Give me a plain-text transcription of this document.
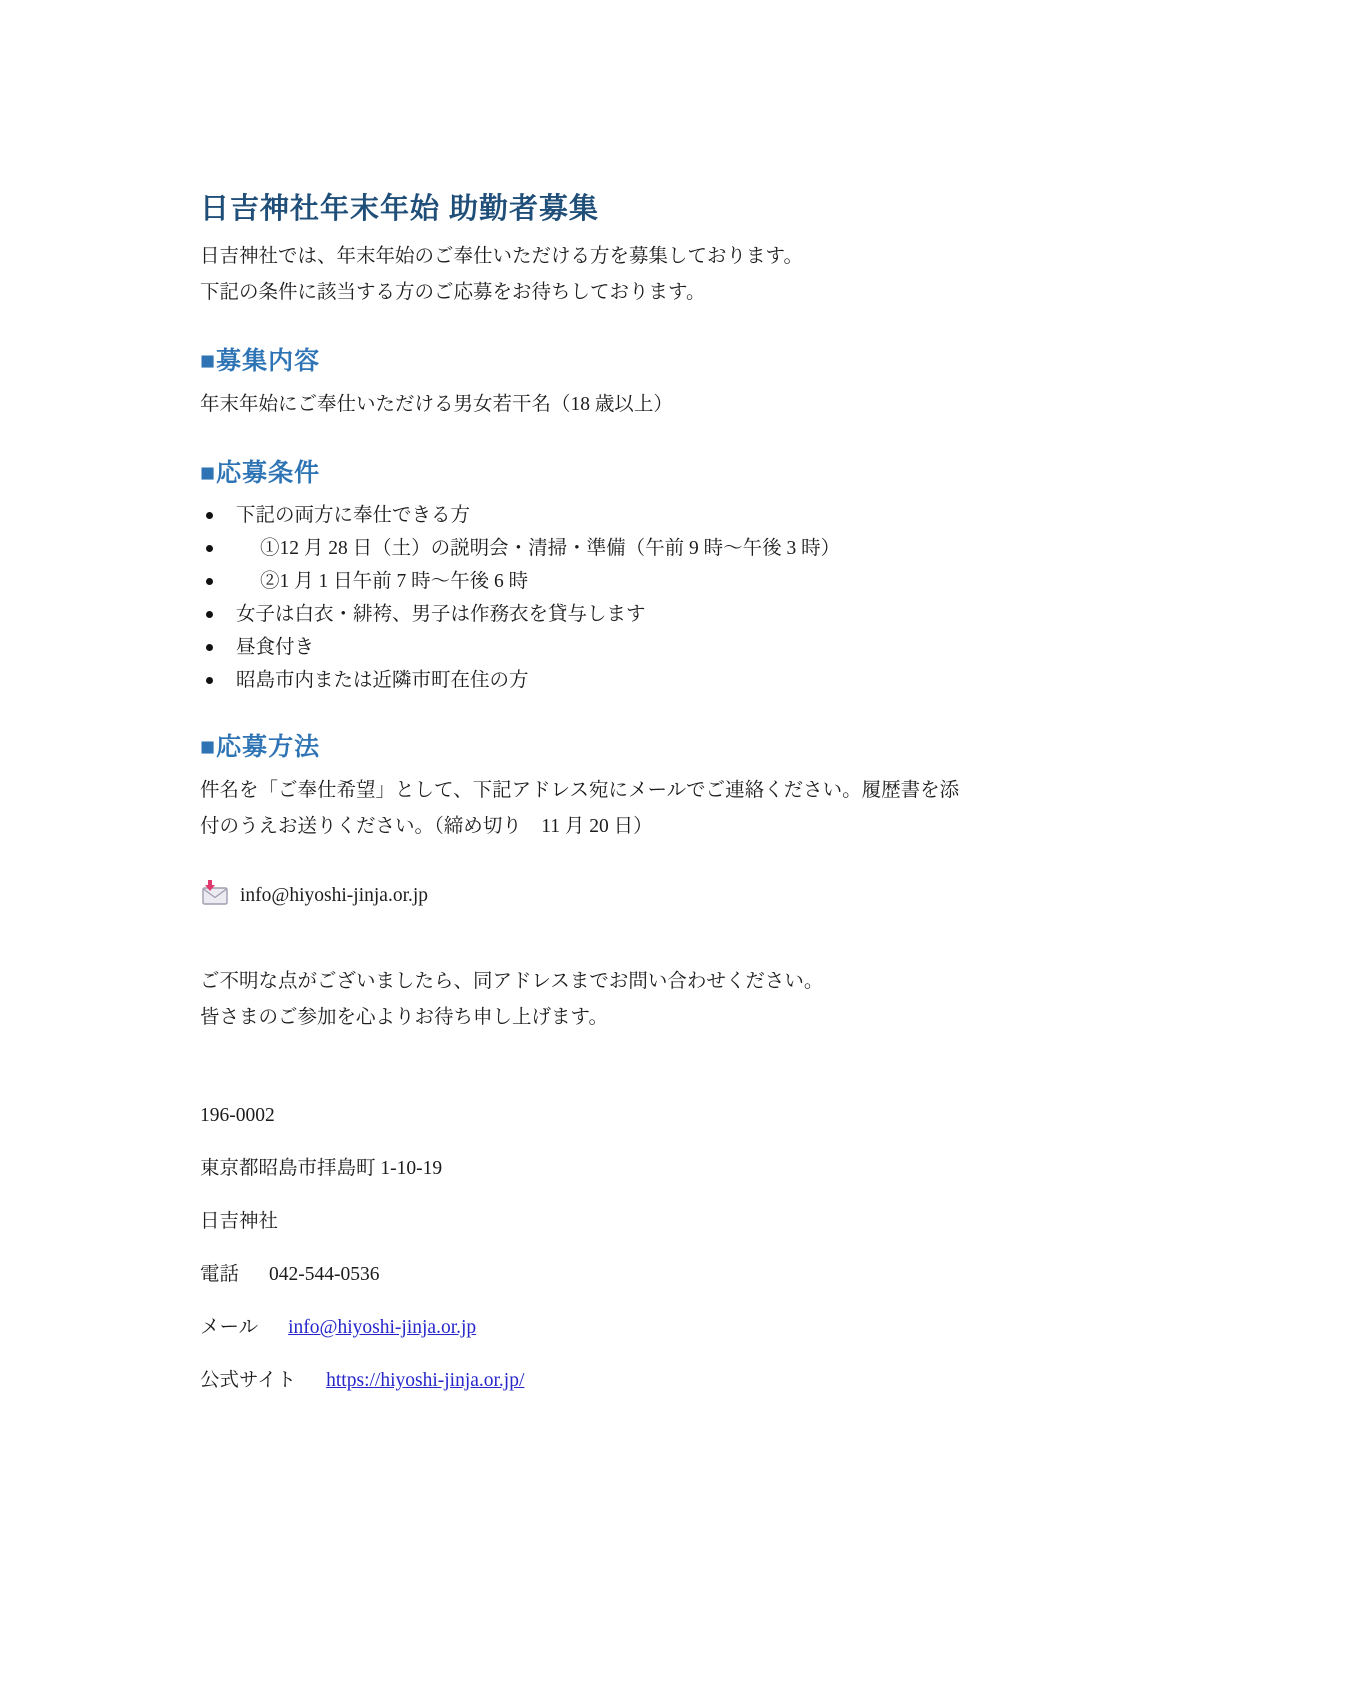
日吉神社年末年始 助勤者募集

日吉神社では、年末年始のご奉仕いただける方を募集しております。

下記の条件に該当する方のご応募をお待ちしております。

■募集内容

年末年始にご奉仕いただける男女若干名（18 歳以上）

■応募条件
下記の両方に奉仕できる方
①12 月 28 日（土）の説明会・清掃・準備（午前 9 時～午後 3 時）
②1 月 1 日午前 7 時～午後 6 時
女子は白衣・緋袴、男子は作務衣を貸与します
昼食付き
昭島市内または近隣市町在住の方
■応募方法

件名を「ご奉仕希望」として、下記アドレス宛にメールでご連絡ください。履歴書を添

付のうえお送りください。（締め切り　11 月 20 日）

info@hiyoshi-jinja.or.jp

ご不明な点がございましたら、同アドレスまでお問い合わせください。

皆さまのご参加を心よりお待ち申し上げます。

196-0002

東京都昭島市拝島町 1-10-19

日吉神社

電話 042-544-0536

メール info@hiyoshi-jinja.or.jp

公式サイト https://hiyoshi-jinja.or.jp/
